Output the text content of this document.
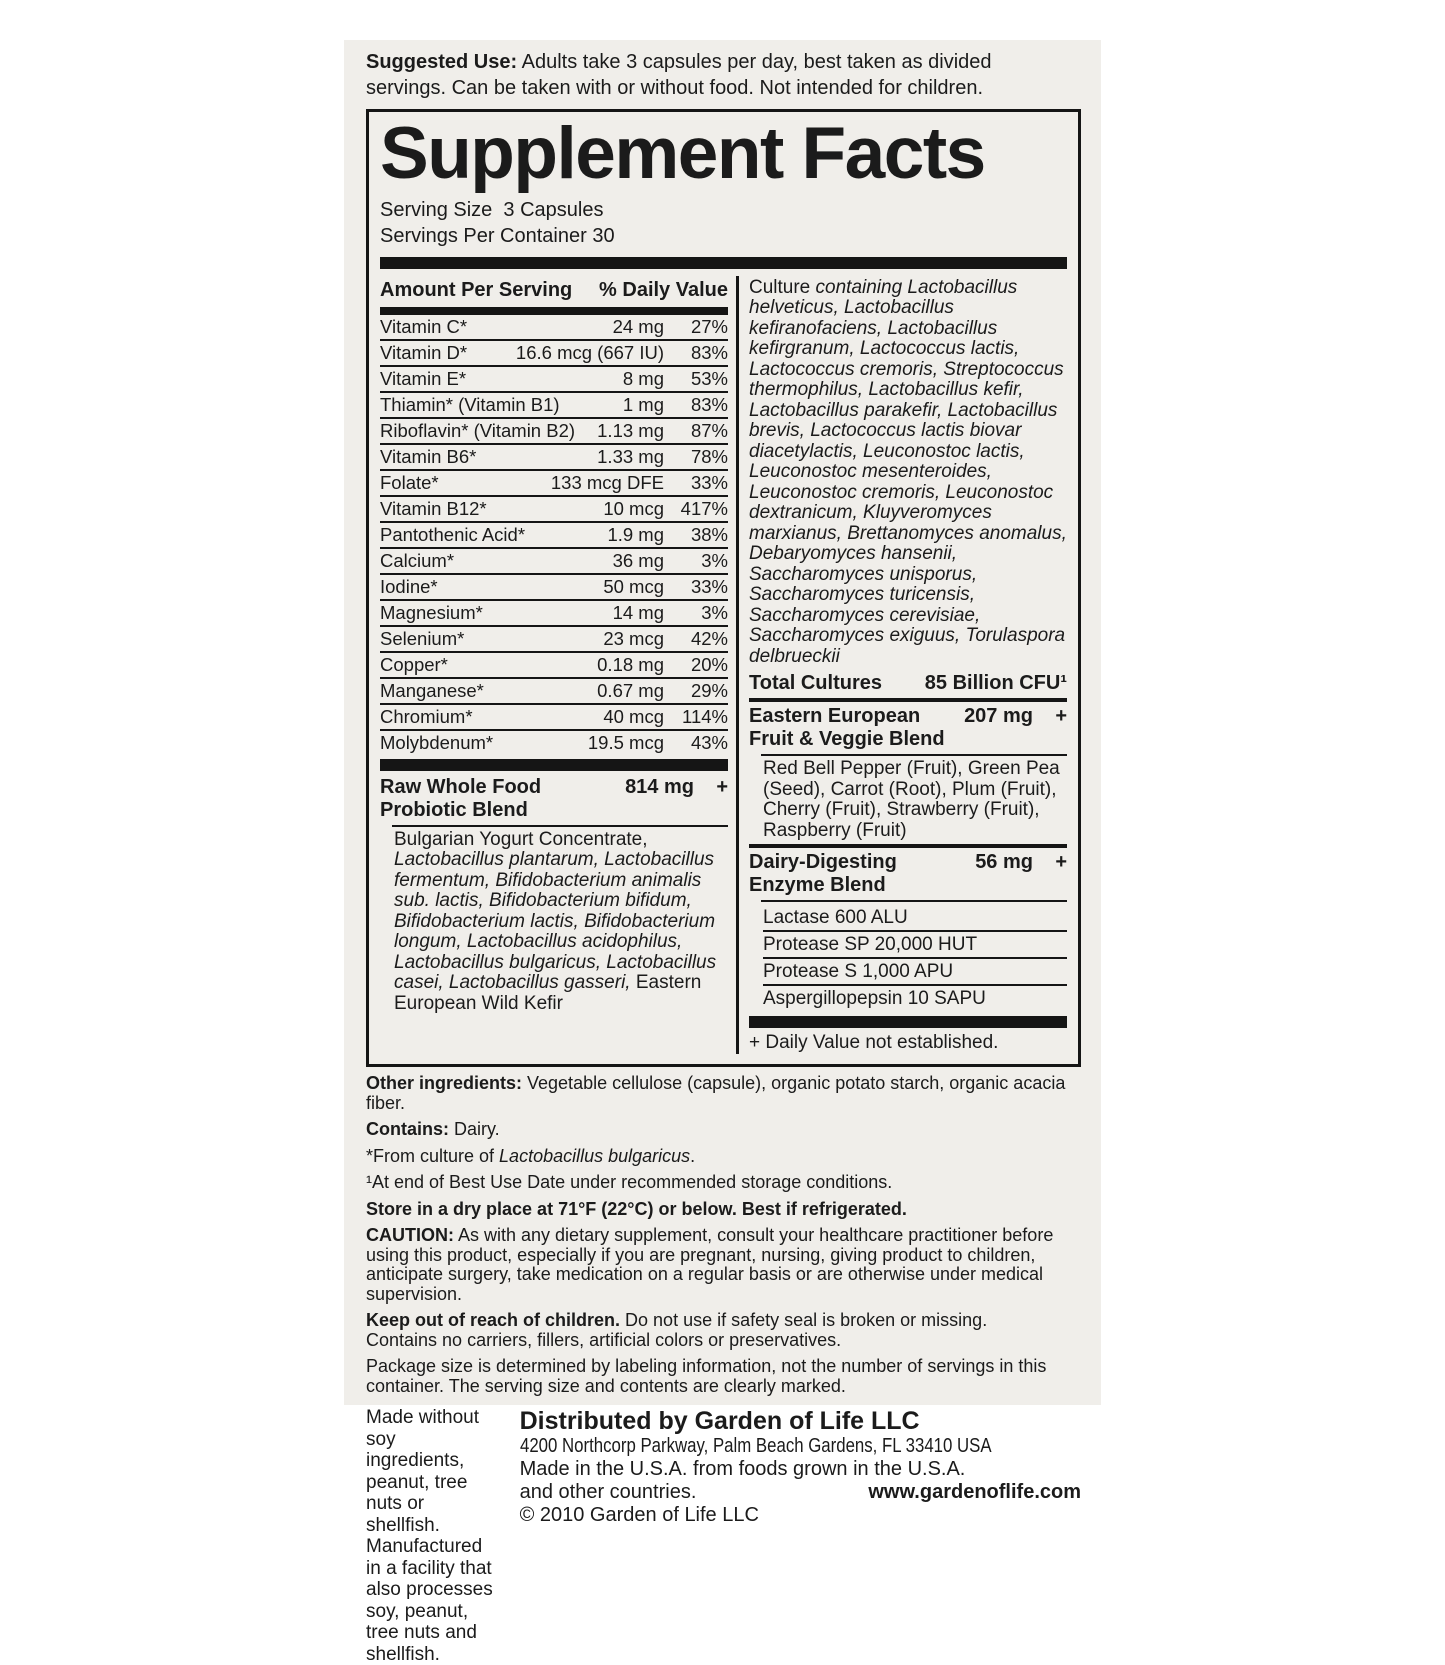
Suggested Use: Adults take 3 capsules per day, best taken as divided servings. Can be taken with or without food. Not intended for children.

Supplement Facts
Serving Size  3 Capsules
Servings Per Container 30
Amount Per Serving % Daily Value
Vitamin C*	24 mg	27%
Vitamin D*	16.6 mcg (667 IU)	83%
Vitamin E*	8 mg	53%
Thiamin* (Vitamin B1)	1 mg	83%
Riboflavin* (Vitamin B2)	1.13 mg	87%
Vitamin B6*	1.33 mg	78%
Folate*	133 mcg DFE	33%
Vitamin B12*	10 mcg 417%
Pantothenic Acid*	1.9 mg	38%
Calcium*	36 mg	3%
Iodine*	50 mcg	33%
Magnesium*	14 mg	3%
Selenium*	23 mcg	42%
Copper*	0.18 mg	20%
Manganese*	0.67 mg	29%
Chromium*	40 mcg 114%
Molybdenum*	19.5 mcg	43%
Raw Whole Food
Probiotic Blend
814 mg	+
Bulgarian Yogurt Concentrate, Lactobacillus plantarum, Lactobacillus fermentum, Bifidobacterium animalis sub. lactis, Bifidobacterium bifidum, Bifidobacterium lactis, Bifidobacterium longum, Lactobacillus acidophilus, Lactobacillus bulgaricus, Lactobacillus casei, Lactobacillus gasseri, Eastern European Wild Kefir

Culture containing Lactobacillus helveticus, Lactobacillus kefiranofaciens, Lactobacillus kefirgranum, Lactococcus lactis, Lactococcus cremoris, Streptococcus thermophilus, Lactobacillus kefir, Lactobacillus parakefir, Lactobacillus brevis, Lactococcus lactis biovar diacetylactis, Leuconostoc lactis, Leuconostoc mesenteroides, Leuconostoc cremoris, Leuconostoc dextranicum, Kluyveromyces marxianus, Brettanomyces anomalus, Debaryomyces hansenii, Saccharomyces unisporus, Saccharomyces turicensis, Saccharomyces cerevisiae, Saccharomyces exiguus, Torulaspora delbrueckii

Total Cultures 85 Billion CFU¹
Eastern European
Fruit & Veggie Blend
207 mg	+
Red Bell Pepper (Fruit), Green Pea (Seed), Carrot (Root), Plum (Fruit), Cherry (Fruit), Strawberry (Fruit), Raspberry (Fruit)
Dairy-Digesting
Enzyme Blend
56 mg	+
Lactase 600 ALU
Protease SP 20,000 HUT
Protease S 1,000 APU
Aspergillopepsin 10 SAPU
+ Daily Value not established.

Other ingredients: Vegetable cellulose (capsule), organic potato starch, organic acacia fiber.

Contains: Dairy.

*From culture of Lactobacillus bulgaricus.

¹At end of Best Use Date under recommended storage conditions.

Store in a dry place at 71°F (22°C) or below. Best if refrigerated.

CAUTION: As with any dietary supplement, consult your healthcare practitioner before using this product, especially if you are pregnant, nursing, giving product to children, anticipate surgery, take medication on a regular basis or are otherwise under medical supervision.

Keep out of reach of children. Do not use if safety seal is broken or missing.
Contains no carriers, fillers, artificial colors or preservatives.

Package size is determined by labeling information, not the number of servings in this container. The serving size and contents are clearly marked.

Made without soy ingredients, peanut, tree nuts or shellfish. Manufactured in a facility that also processes soy, peanut, tree nuts and shellfish.
Distributed by Garden of Life LLC
4200 Northcorp Parkway, Palm Beach Gardens, FL 33410 USA
Made in the U.S.A. from foods grown in the U.S.A.
and other countries.	www.gardenoflife.com
© 2010 Garden of Life LLC
